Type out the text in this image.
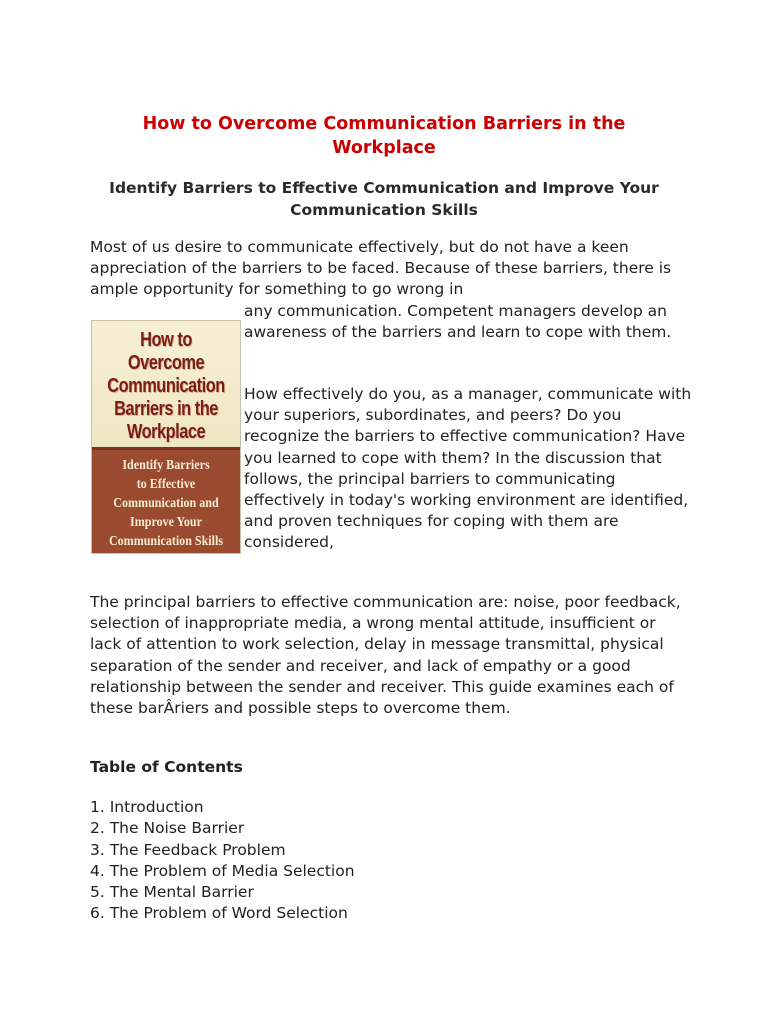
How to Overcome Communication Barriers in the Workplace
Identify Barriers to Effective Communication and Improve Your Communication Skills

Most of us desire to communicate effectively, but do not have a keen appreciation of the barriers to be faced. Because of these barriers, there is ample opportunity for something to go wrong in

How to Overcome
Communication
Barriers in the
Workplace
Identify Barriers
to Effective
Communication and
Improve Your
Communication Skills

any communication. Competent managers develop an awareness of the barriers and learn to cope with them.

How effectively do you, as a manager, communicate with your superiors, subordinates, and peers? Do you recognize the barriers to effective communication? Have you learned to cope with them? In the discussion that follows, the principal barriers to communicating effectively in today's working environment are identified, and proven techniques for coping with them are considered,

The principal barriers to effective communication are: noise, poor feedback, selection of inappropriate media, a wrong mental attitude, insufficient or lack of attention to work selection, delay in message transmittal, physical separation of the sender and receiver, and lack of empathy or a good relationship between the sender and receiver. This guide examines each of these barÂriers and possible steps to overcome them.

Table of Contents
1. Introduction
2. The Noise Barrier
3. The Feedback Problem
4. The Problem of Media Selection
5. The Mental Barrier
6. The Problem of Word Selection
